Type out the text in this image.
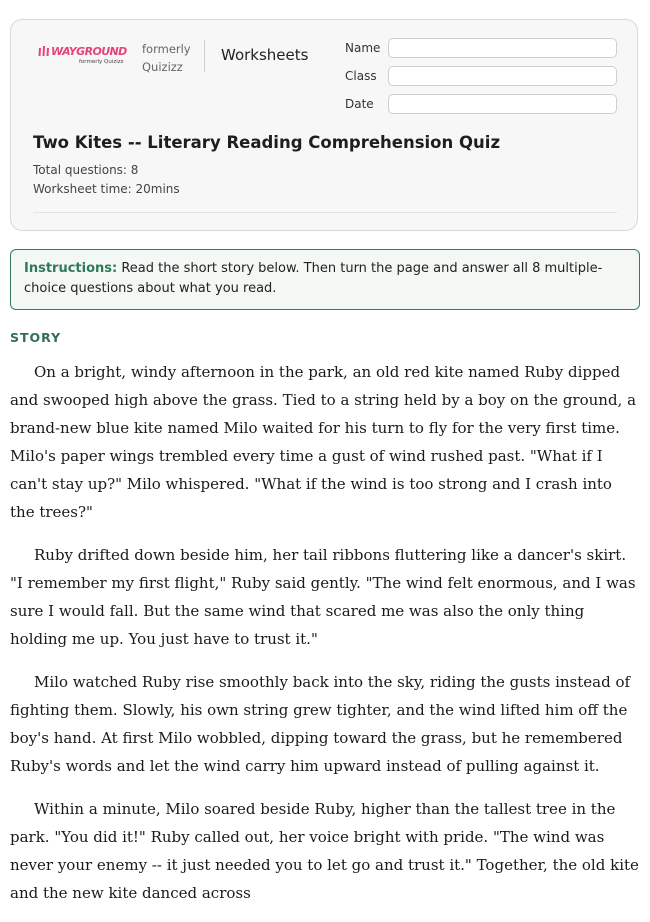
WAYGROUND
formerly Quizizz
formerly
Quizizz
Worksheets	Name
Class
Date
Two Kites -- Literary Reading Comprehension Quiz
Total questions: 8
Worksheet time: 20mins
Instructions: Read the short story below. Then turn the page and answer all 8 multiple-choice questions about what you read.
STORY

On a bright, windy afternoon in the park, an old red kite named Ruby dipped and swooped high above the grass. Tied to a string held by a boy on the ground, a brand-new blue kite named Milo waited for his turn to fly for the very first time. Milo's paper wings trembled every time a gust of wind rushed past. "What if I can't stay up?" Milo whispered. "What if the wind is too strong and I crash into the trees?"

Ruby drifted down beside him, her tail ribbons fluttering like a dancer's skirt. "I remember my first flight," Ruby said gently. "The wind felt enormous, and I was sure I would fall. But the same wind that scared me was also the only thing holding me up. You just have to trust it."

Milo watched Ruby rise smoothly back into the sky, riding the gusts instead of fighting them. Slowly, his own string grew tighter, and the wind lifted him off the boy's hand. At first Milo wobbled, dipping toward the grass, but he remembered Ruby's words and let the wind carry him upward instead of pulling against it.

Within a minute, Milo soared beside Ruby, higher than the tallest tree in the park. "You did it!" Ruby called out, her voice bright with pride. "The wind was never your enemy -- it just needed you to let go and trust it." Together, the old kite and the new kite danced across
